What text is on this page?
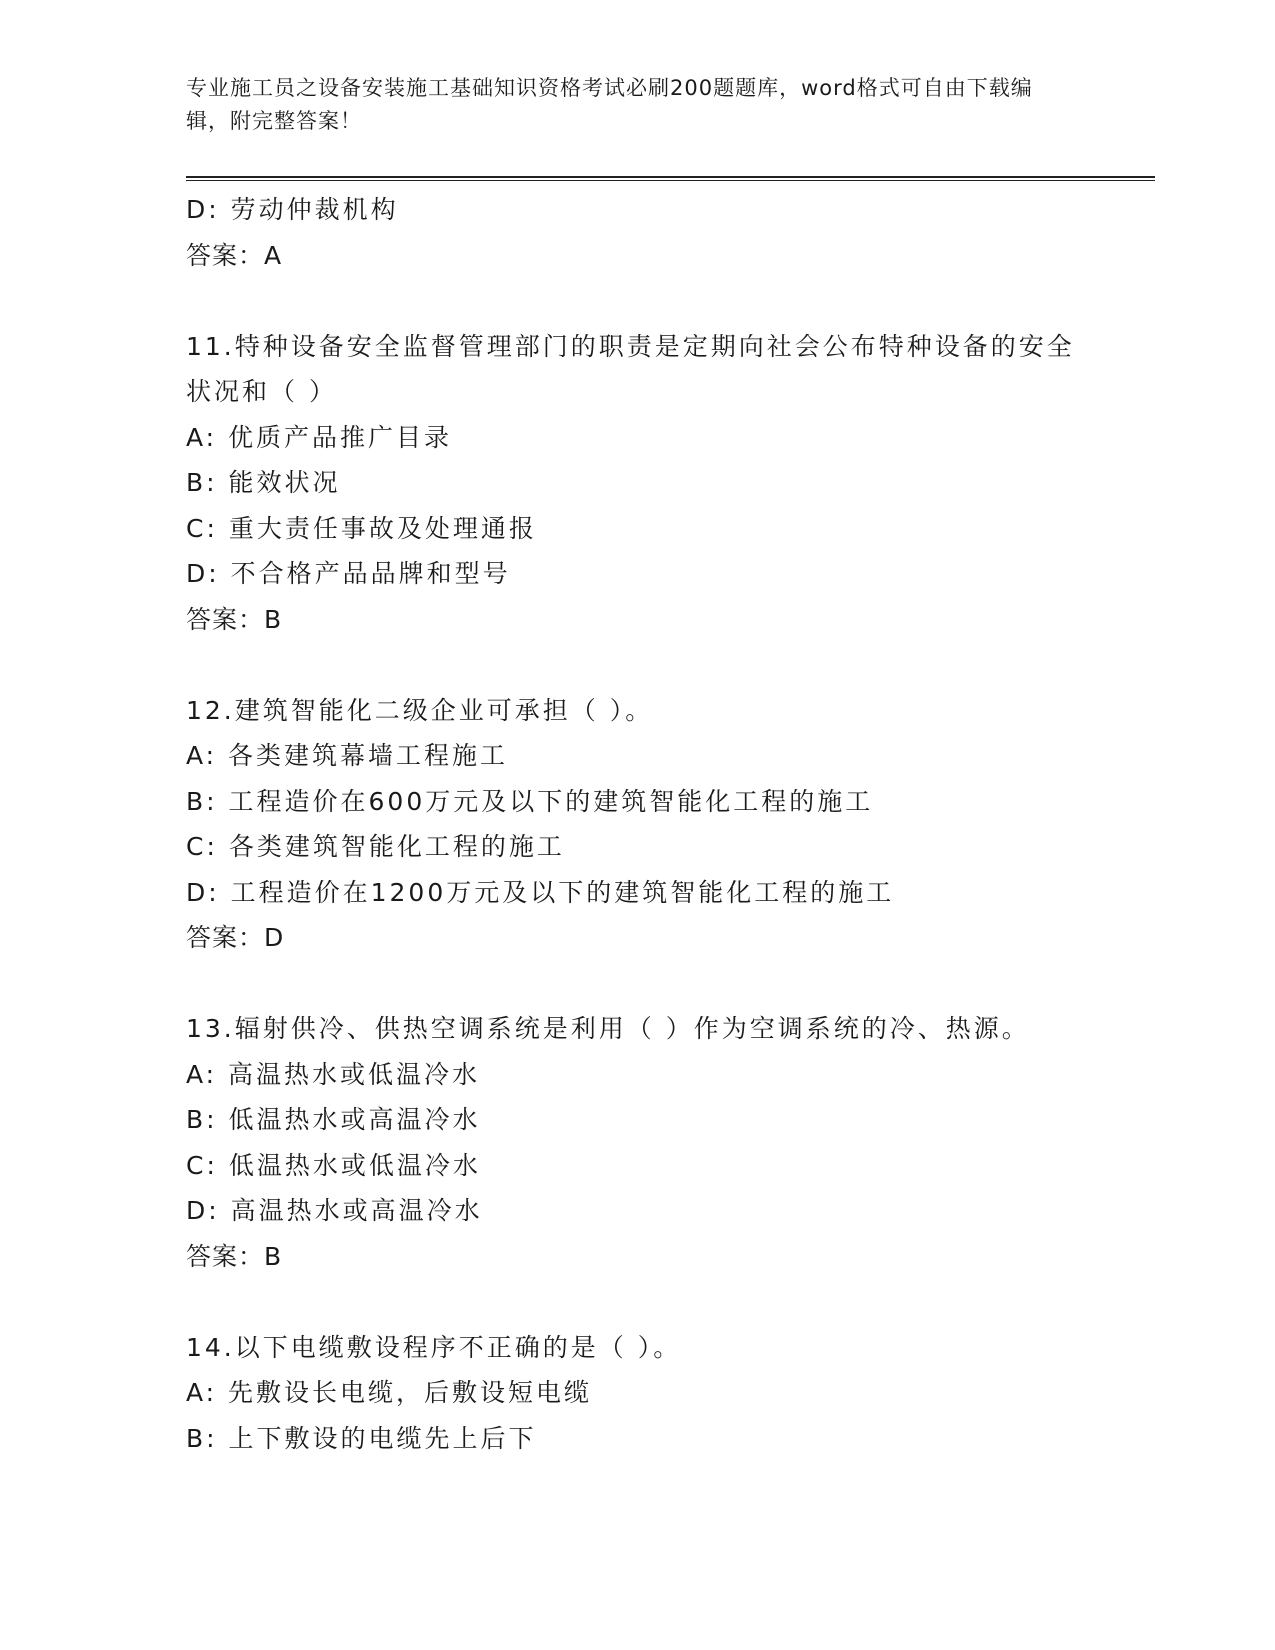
专业施工员之设备安装施工基础知识资格考试必刷200题题库，word格式可自由下载编辑，附完整答案！
D: 劳动仲裁机构
答案：A
11.特种设备安全监督管理部门的职责是定期向社会公布特种设备的安全状况和（ ）
A: 优质产品推广目录
B: 能效状况
C: 重大责任事故及处理通报
D: 不合格产品品牌和型号
答案：B
12.建筑智能化二级企业可承担（ ）。
A: 各类建筑幕墙工程施工
B: 工程造价在600万元及以下的建筑智能化工程的施工
C: 各类建筑智能化工程的施工
D: 工程造价在1200万元及以下的建筑智能化工程的施工
答案：D
13.辐射供冷、供热空调系统是利用（ ）作为空调系统的冷、热源。
A: 高温热水或低温冷水
B: 低温热水或高温冷水
C: 低温热水或低温冷水
D: 高温热水或高温冷水
答案：B
14.以下电缆敷设程序不正确的是（ ）。
A: 先敷设长电缆，后敷设短电缆
B: 上下敷设的电缆先上后下
